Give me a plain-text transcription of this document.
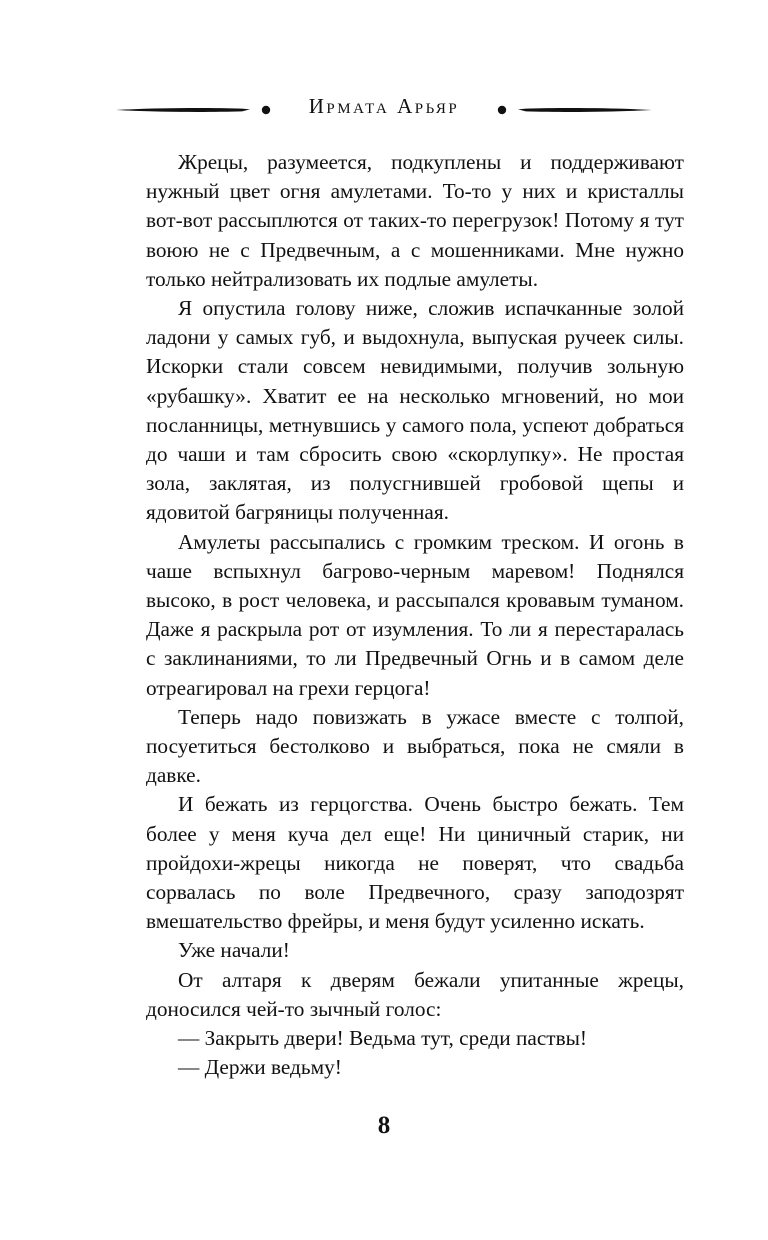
Ирмата Арьяр

Жрецы, разумеется, подкуплены и поддерживают нужный цвет огня амулетами. То-то у них и кристаллы вот-вот рассыплются от таких-то перегрузок! Потому я тут воюю не с Предвечным, а с мошенниками. Мне нужно только нейтрализовать их подлые амулеты.

Я опустила голову ниже, сложив испачканные золой ладони у самых губ, и выдохнула, выпуская ручеек силы. Искорки стали совсем невидимыми, получив зольную «рубашку». Хватит ее на несколько мгновений, но мои посланницы, метнувшись у самого пола, успеют добраться до чаши и там сбросить свою «скорлупку». Не простая зола, заклятая, из полусгнившей гробовой щепы и ядовитой багряницы полученная.

Амулеты рассыпались с громким треском. И огонь в чаше вспыхнул багрово-черным маревом! Поднялся высоко, в рост человека, и рассыпался кровавым туманом. Даже я раскрыла рот от изумления. То ли я перестаралась с заклинаниями, то ли Предвечный Огнь и в самом деле отреагировал на грехи герцога!

Теперь надо повизжать в ужасе вместе с толпой, посуетиться бестолково и выбраться, пока не смяли в давке.

И бежать из герцогства. Очень быстро бежать. Тем более у меня куча дел еще! Ни циничный старик, ни пройдохи-жрецы никогда не поверят, что свадьба сорвалась по воле Предвечного, сразу заподозрят вмешательство фрейры, и меня будут усиленно искать.

Уже начали!

От алтаря к дверям бежали упитанные жрецы, доносился чей-то зычный голос:

— Закрыть двери! Ведьма тут, среди паствы!

— Держи ведьму!

8
